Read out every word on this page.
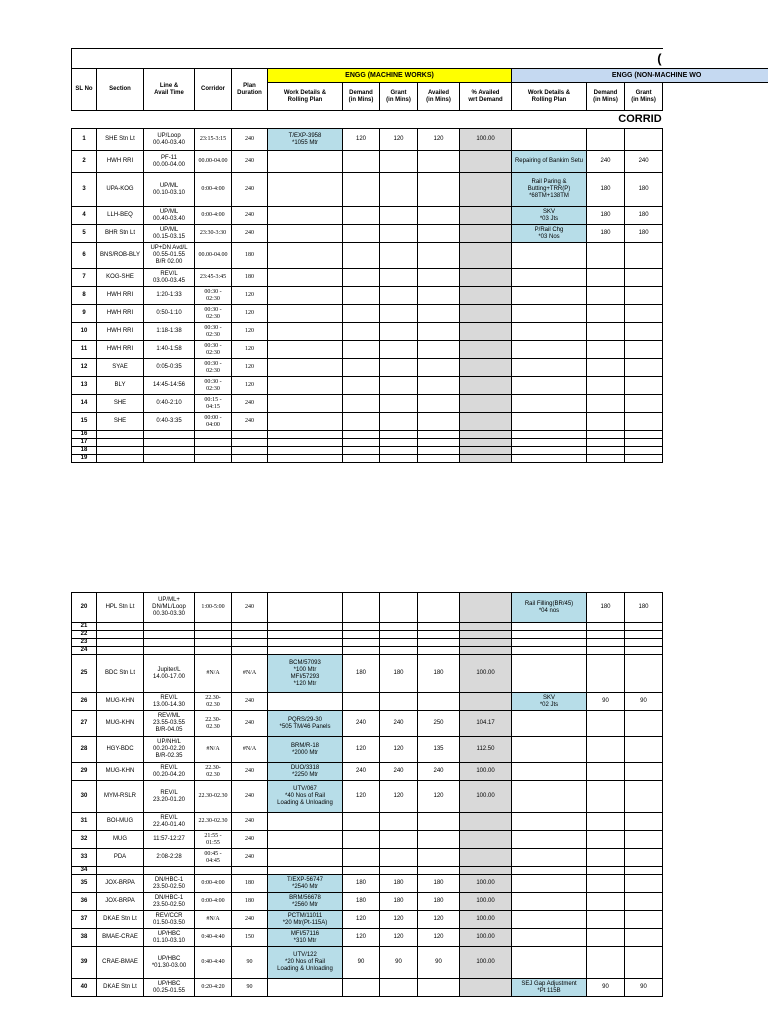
(													
SL No	Section	Line &
Avail Time	Corridor	Plan
Duration	ENGG (MACHINE WORKS)					ENGG (NON-MACHINE WO			
					Work Details &
Rolling Plan	Demand
(in Mins)	Grant
(in Mins)	Availed
(in Mins)	% Availed
wrt Demand	Work Details &
Rolling Plan	Demand
(in Mins)	Grant
(in Mins)	
CORRID													
1	SHE Stn Lt	UP/Loop
00.40-03.40	23:15-3:15	240	T/EXP-3958
*1055 Mtr	120	120	120	100.00				
2	HWH RRI	PF-11
00.00-04.00	00.00-04.00	240						Repairing of Bankim Setu	240	240	
3	UPA-KOG	UP/ML
00.10-03.10	0:00-4:00	240						Rail Paring &
Butting+TRR(P)
*68TM+138TM	180	180	
4	LLH-BEQ	UP/ML
00.40-03.40	0:00-4:00	240						SKV
*03 Jts	180	180	
5	BHR Stn Lt	UP/ML
00.15-03.15	23:30-3:30	240						P/Rail Chg
*03 Nos	180	180	
6	BNS/ROB-BLY	UP+DN Avd/L
00.55-01.55
B/R 02.00	00.00-04.00	180									
7	KOG-SHE	REV/L
03.00-03.45	23:45-3:45	180									
8	HWH RRI	1:20-1:33	00:30 -
02:30	120									
9	HWH RRI	0:50-1:10	00:30 -
02:30	120									
10	HWH RRI	1:18-1:38	00:30 -
02:30	120									
11	HWH RRI	1:40-1:58	00:30 -
02:30	120									
12	SYAE	0:05-0:35	00:30 -
02:30	120									
13	BLY	14:45-14:56	00:30 -
02:30	120									
14	SHE	0:40-2:10	00:15 -
04:15	240									
15	SHE	0:40-3:35	00:00 -
04:00	240									
16													
17													
18													
19													
20	HPL Stn Lt	UP/ML+
DN/ML/Loop
00.30-03.30	1:00-5:00	240						Rail Filling(BR/45)
*04 nos	180	180	
21													
22													
23													
24													
25	BDC Stn Lt	Jupiter/L
14.00-17.00	#N/A	#N/A	BCM/57093
*100 Mtr
MFI/57293
*120 Mtr	180	180	180	100.00				
26	MUG-KHN	REV/L
13.00-14.30	22.30-
02.30	240						SKV
*02 Jts	90	90	
27	MUG-KHN	REV/ML
23.55-03.55
B/R-04.05	22.30-
02.30	240	PQRS/29-30
*505 TM/46 Panels	240	240	250	104.17				
28	HGY-BDC	UP/NH/L
00.20-02.20
B/R-02.35	#N/A	#N/A	BRM/R-18
*2000 Mtr	120	120	135	112.50				
29	MUG-KHN	REV/L
00.20-04.20	22.30-
02.30	240	DUO/3318
*2250 Mtr	240	240	240	100.00				
30	MYM-RSLR	REV/L
23.20-01.20	22.30-02.30	240	UTV/067
*40 Nos of Rail
Loading & Unloading	120	120	120	100.00				
31	BOI-MUG	REV/L
22.40-01.40	22.30-02.30	240									
32	MUG	11:57-12:27	21:55 -
01:55	240									
33	PDA	2:08-2:28	00:45 -
04:45	240									
34													
35	JOX-BRPA	DN/HBC-1
23.50-02.50	0:00-4:00	180	T/EXP-56747
*2540 Mtr	180	180	180	100.00				
36	JOX-BRPA	DN/HBC-1
23.50-02.50	0:00-4:00	180	BRM/56678
*2560 Mtr	180	180	180	100.00				
37	DKAE Stn Lt	REV/CCR
01.50-03.50	#N/A	240	PCTM/11011
*20 Mtr(Pt-115A)	120	120	120	100.00				
38	BMAE-CRAE	UP/HBC
01.10-03.10	0:40-4:40	150	MFI/57116
*310 Mtr	120	120	120	100.00				
39	CRAE-BMAE	UP/HBC
*01.30-03.00	0:40-4:40	90	UTV/122
*20 Nos of Rail
Loading & Unloading	90	90	90	100.00				
40	DKAE Stn Lt	UP/HBC
00.25-01.55	0:20-4:20	90						SEJ Gap Adjustment
*Pt 115B	90	90	
